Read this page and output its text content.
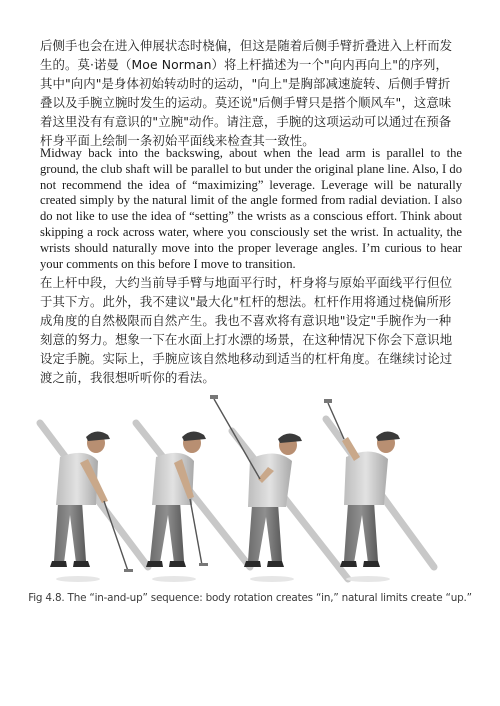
后侧手也会在进入伸展状态时桡偏，但这是随着后侧手臂折叠进入上杆而发生的。莫·诺曼（Moe Norman）将上杆描述为一个"向内再向上"的序列，其中"向内"是身体初始转动时的运动，"向上"是胸部减速旋转、后侧手臂折叠以及手腕立腕时发生的运动。莫还说"后侧手臂只是搭个顺风车"，这意味着这里没有有意识的"立腕"动作。请注意，手腕的这项运动可以通过在预备杆身平面上绘制一条初始平面线来检查其一致性。

Midway back into the backswing, about when the lead arm is parallel to the ground, the club shaft will be parallel to but under the original plane line. Also, I do not recommend the idea of “maximizing” leverage. Leverage will be naturally created simply by the natural limit of the angle formed from radial deviation. I also do not like to use the idea of “setting” the wrists as a conscious effort. Think about skipping a rock across water, where you consciously set the wrist. In actuality, the wrists should naturally move into the proper leverage angles. I’m curious to hear your comments on this before I move to transition.

在上杆中段，大约当前导手臂与地面平行时，杆身将与原始平面线平行但位于其下方。此外，我不建议"最大化"杠杆的想法。杠杆作用将通过桡偏所形成角度的自然极限而自然产生。我也不喜欢将有意识地"设定"手腕作为一种刻意的努力。想象一下在水面上打水漂的场景，在这种情况下你会下意识地设定手腕。实际上，手腕应该自然地移动到适当的杠杆角度。在继续讨论过渡之前，我很想听听你的看法。

Fig 4.8. The “in-and-up” sequence: body rotation creates “in,” natural limits create “up.”
